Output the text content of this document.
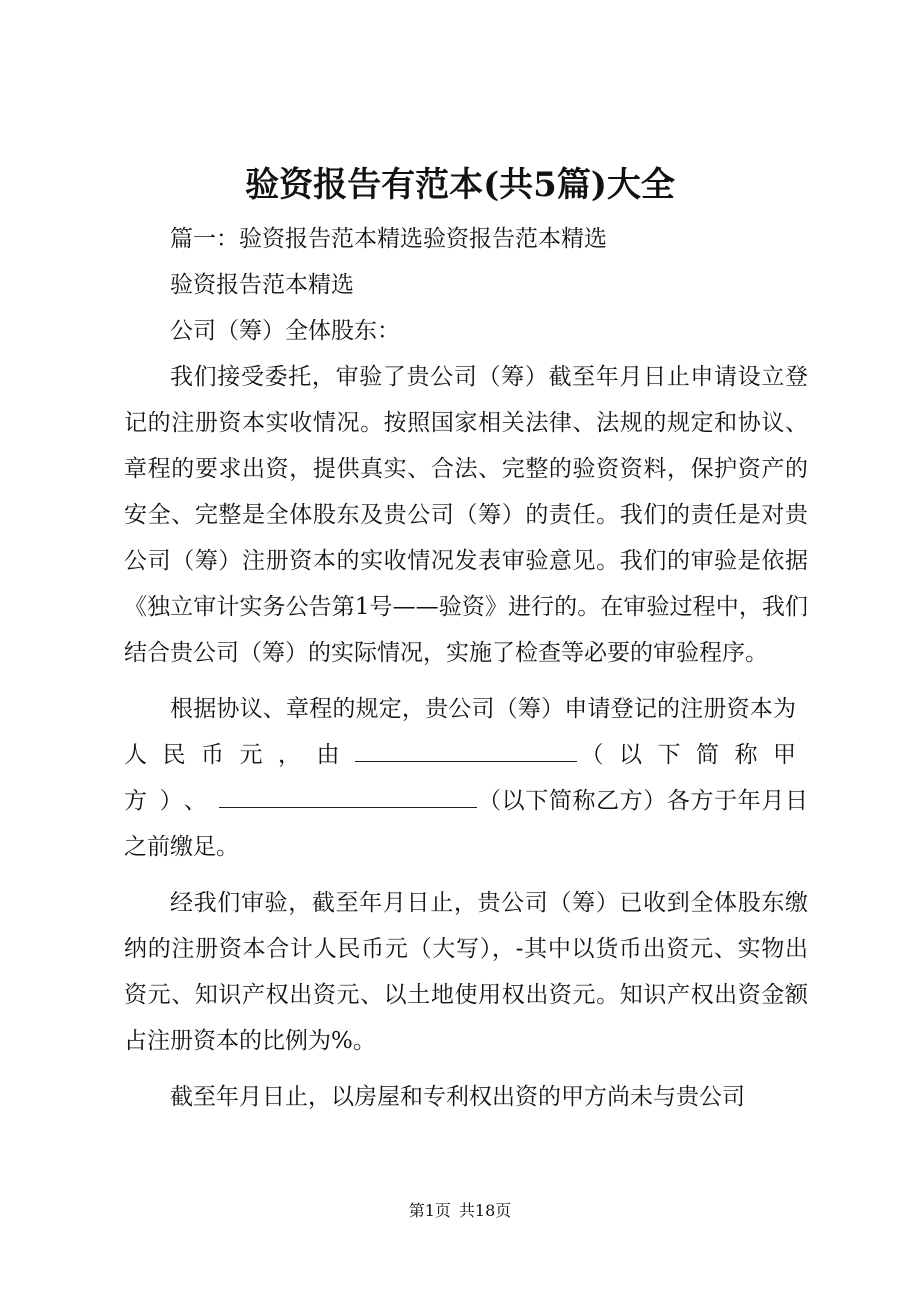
验资报告有范本(共5篇)大全

篇一：验资报告范本精选验资报告范本精选

验资报告范本精选

公司（筹）全体股东：

我们接受委托，审验了贵公司（筹）截至年月日止申请设立登记的注册资本实收情况。按照国家相关法律、法规的规定和协议、章程的要求出资，提供真实、合法、完整的验资资料，保护资产的安全、完整是全体股东及贵公司（筹）的责任。我们的责任是对贵公司（筹）注册资本的实收情况发表审验意见。我们的审验是依据《独立审计实务公告第1号——验资》进行的。在审验过程中，我们结合贵公司（筹）的实际情况，实施了检查等必要的审验程序。

根据协议、章程的规定，贵公司（筹）申请登记的注册资本为人民币元，由	（以下简称甲方）、	（以下简称乙方）各方于年月日之前缴足。

经我们审验，截至年月日止，贵公司（筹）已收到全体股东缴纳的注册资本合计人民币元（大写），-其中以货币出资元、实物出资元、知识产权出资元、以土地使用权出资元。知识产权出资金额占注册资本的比例为%。

截至年月日止，以房屋和专利权出资的甲方尚未与贵公司

第1页 共18页
